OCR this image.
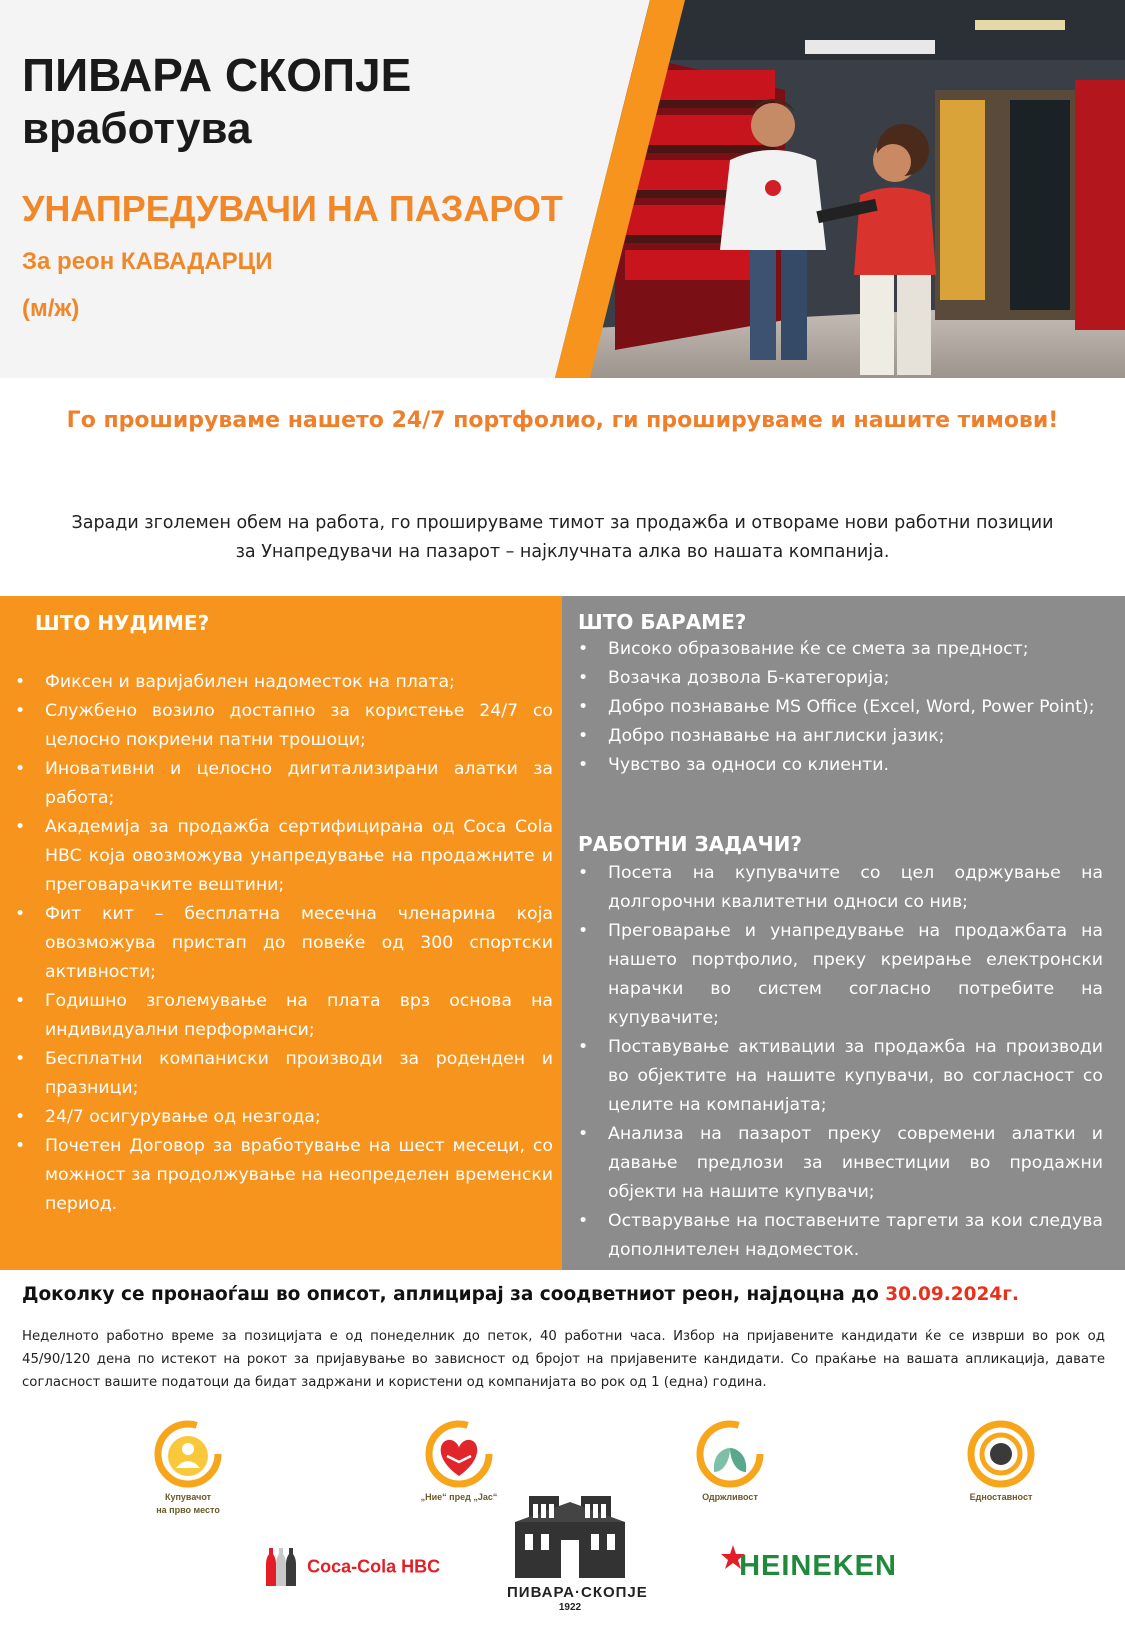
ПИВАРА СКОПЈЕ
вработува
УНАПРЕДУВАЧИ НА ПАЗАРОТ
За реон КАВАДАРЦИ
(м/ж)
Го прошируваме нашето 24/7 портфолио, ги прошируваме и нашите тимови!
Заради зголемен обем на работа, го прошируваме тимот за продажба и отвораме нови работни позиции за Унапредувачи на пазарот – најклучната алка во нашата компанија.
ШТО НУДИМЕ?
• Фиксен и варијабилен надоместок на плата;
• Службено возило достапно за користење 24/7 со целосно покриени патни трошоци;
• Иновативни и целосно дигитализирани алатки за работа;
• Академија за продажба сертифицирана од Coca Cola HBC која овозможува унапредување на продажните и преговарачките вештини;
• Фит кит – бесплатна месечна членарина која овозможува пристап до повеќе од 300 спортски активности;
• Годишно зголемување на плата врз основа на индивидуални перформанси;
• Бесплатни компаниски производи за роденден и празници;
• 24/7 осигурување од незгода;
• Почетен Договор за вработување на шест месеци, со можност за продолжување на неопределен временски период.
ШТО БАРАМЕ?
• Високо образование ќе се смета за предност;
• Возачка дозвола Б-категорија;
• Добро познавање MS Office (Excel, Word, Power Point);
• Добро познавање на англиски јазик;
• Чувство за односи со клиенти.
РАБОТНИ ЗАДАЧИ?
• Посета на купувачите со цел одржување на долгорочни квалитетни односи со нив;
• Преговарање и унапредување на продажбата на нашето портфолио, преку креирање електронски нарачки во систем согласно потребите на купувачите;
• Поставување активации за продажба на производи во објектите на нашите купувачи, во согласност со целите на компанијата;
• Анализа на пазарот преку современи алатки и давање предлози за инвестиции во продажни објекти на нашите купувачи;
• Остварување на поставените таргети за кои следува дополнителен надоместок.
Доколку се пронаоѓаш во описот, аплицирај за соодветниот реон, најдоцна до 30.09.2024г.
Неделното работно време за позицијата е од понеделник до петок, 40 работни часа. Избор на пријавените кандидати ќе се изврши во рок од 45/90/120 дена по истекот на рокот за пријавување во зависност од бројот на пријавените кандидати. Со праќање на вашата апликација, давате согласност вашите податоци да бидат задржани и користени од компанијата во рок од 1 (една) година.
Купувачот
на прво место
„Ние“ пред „Јас“	Одржливост	Едноставност
Coca-Cola HBC
ПИВАРА·СКОПЈЕ
1922
HEINEKEN
